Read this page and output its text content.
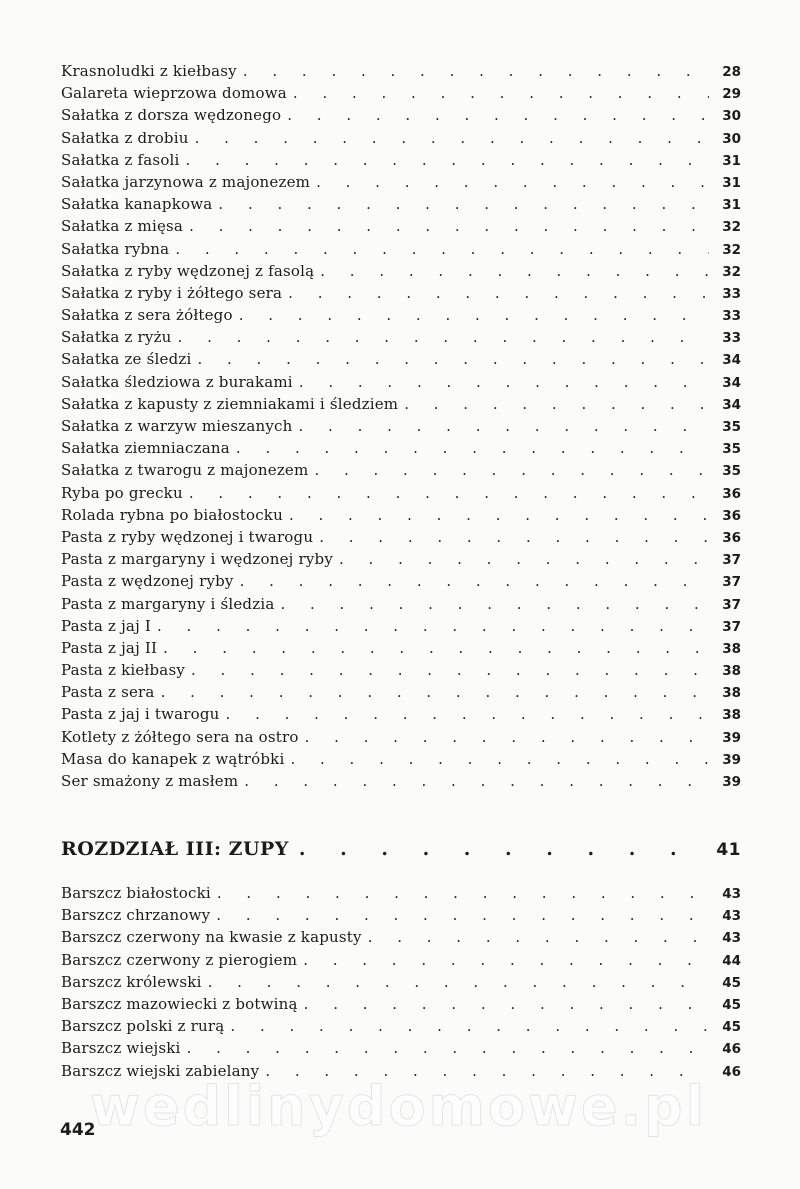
Krasnoludki z kiełbasy . . .	28
Galareta wieprzowa domowa . . .	29
Sałatka z dorsza wędzonego . . .	30
Sałatka z drobiu . . .	30
Sałatka z fasoli . . .	31
Sałatka jarzynowa z majonezem . . .	31
Sałatka kanapkowa . . .	31
Sałatka z mięsa . . .	32
Sałatka rybna . . .	32
Sałatka z ryby wędzonej z fasolą . . .	32
Sałatka z ryby i żółtego sera . . .	33
Sałatka z sera żółtego . . .	33
Sałatka z ryżu . . .	33
Sałatka ze śledzi . . .	34
Sałatka śledziowa z burakami . . .	34
Sałatka z kapusty z ziemniakami i śledziem . . .	34
Sałatka z warzyw mieszanych . . .	35
Sałatka ziemniaczana . . .	35
Sałatka z twarogu z majonezem . . .	35
Ryba po grecku . . .	36
Rolada rybna po białostocku . . .	36
Pasta z ryby wędzonej i twarogu . . .	36
Pasta z margaryny i wędzonej ryby . . .	37
Pasta z wędzonej ryby . . .	37
Pasta z margaryny i śledzia . . .	37
Pasta z jaj I . . .	37
Pasta z jaj II . . .	38
Pasta z kiełbasy . . .	38
Pasta z sera . . .	38
Pasta z jaj i twarogu . . .	38
Kotlety z żółtego sera na ostro . . .	39
Masa do kanapek z wątróbki . . .	39
Ser smażony z masłem . . .	39
ROZDZIAŁ III: ZUPY . . .	41
Barszcz białostocki . . .	43
Barszcz chrzanowy . . .	43
Barszcz czerwony na kwasie z kapusty . . .	43
Barszcz czerwony z pierogiem . . .	44
Barszcz królewski . . .	45
Barszcz mazowiecki z botwiną . . .	45
Barszcz polski z rurą . . .	45
Barszcz wiejski . . .	46
Barszcz wiejski zabielany . . .	46
442
wedlinydomowe.pl
